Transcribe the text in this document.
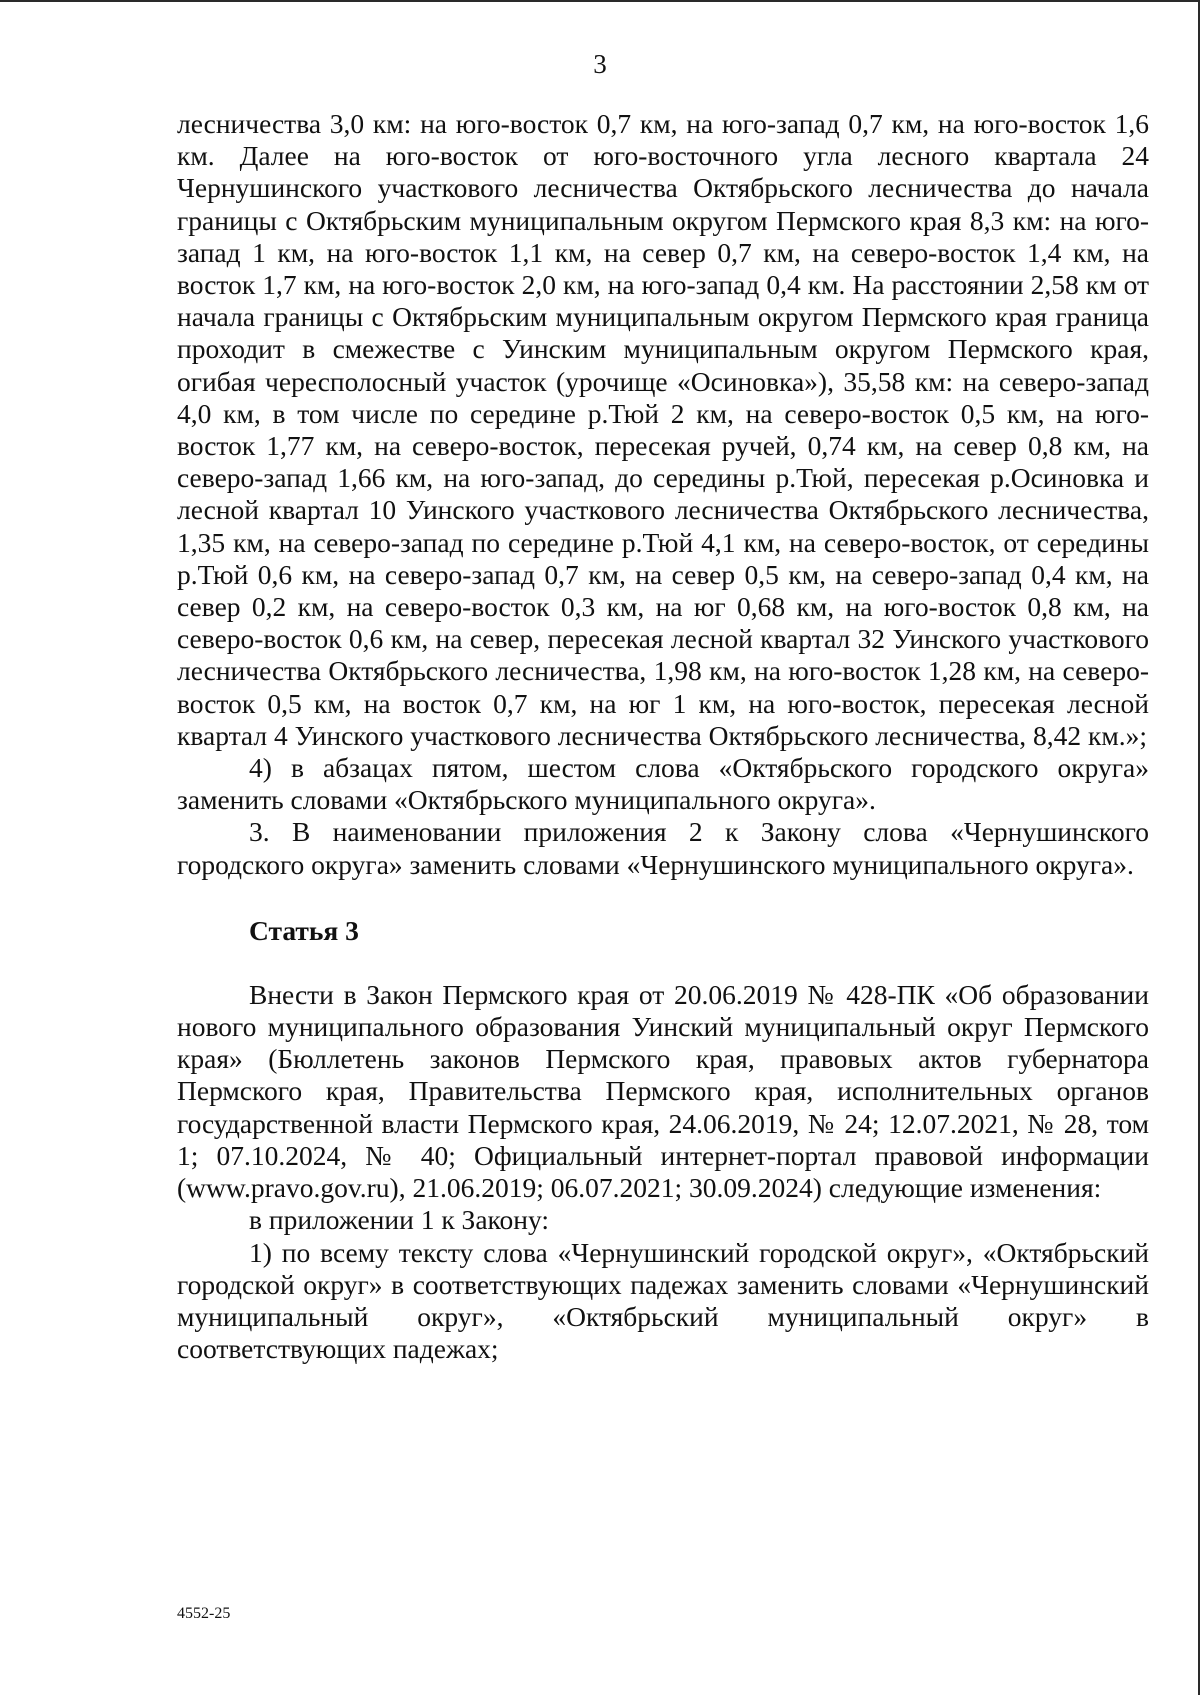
3

лесничества 3,0 км: на юго-восток 0,7 км, на юго-запад 0,7 км, на юго-восток 1,6 км. Далее на юго-восток от юго-восточного угла лесного квартала 24 Чернушинского участкового лесничества Октябрьского лесничества до начала границы с Октябрьским муниципальным округом Пермского края 8,3 км: на юго-запад 1 км, на юго-восток 1,1 км, на север 0,7 км, на северо-восток 1,4 км, на восток 1,7 км, на юго-восток 2,0 км, на юго-запад 0,4 км. На расстоянии 2,58 км от начала границы с Октябрьским муниципальным округом Пермского края граница проходит в смежестве с Уинским муниципальным округом Пермского края, огибая чересполосный участок (урочище «Осиновка»), 35,58 км: на северо-запад 4,0 км, в том числе по середине р.Тюй 2 км, на северо-восток 0,5 км, на юго-восток 1,77 км, на северо-восток, пересекая ручей, 0,74 км, на север 0,8 км, на северо-запад 1,66 км, на юго-запад, до середины р.Тюй, пересекая р.Осиновка и лесной квартал 10 Уинского участкового лесничества Октябрьского лесничества, 1,35 км, на северо-запад по середине р.Тюй 4,1 км, на северо-восток, от середины р.Тюй 0,6 км, на северо-запад 0,7 км, на север 0,5 км, на северо-запад 0,4 км, на север 0,2 км, на северо-восток 0,3 км, на юг 0,68 км, на юго-восток 0,8 км, на северо-восток 0,6 км, на север, пересекая лесной квартал 32 Уинского участкового лесничества Октябрьского лесничества, 1,98 км, на юго-восток 1,28 км, на северо-восток 0,5 км, на восток 0,7 км, на юг 1 км, на юго-восток, пересекая лесной квартал 4 Уинского участкового лесничества Октябрьского лесничества, 8,42 км.»;

4) в абзацах пятом, шестом слова «Октябрьского городского округа» заменить словами «Октябрьского муниципального округа».

3. В наименовании приложения 2 к Закону слова «Чернушинского городского округа» заменить словами «Чернушинского муниципального округа».

Статья 3

Внести в Закон Пермского края от 20.06.2019 № 428-ПК «Об образовании нового муниципального образования Уинский муниципальный округ Пермского края» (Бюллетень законов Пермского края, правовых актов губернатора Пермского края, Правительства Пермского края, исполнительных органов государственной власти Пермского края, 24.06.2019, № 24; 12.07.2021, № 28, том 1; 07.10.2024, № 40; Официальный интернет-портал правовой информации (www.pravo.gov.ru), 21.06.2019; 06.07.2021; 30.09.2024) следующие изменения:

в приложении 1 к Закону:

1) по всему тексту слова «Чернушинский городской округ», «Октябрьский городской округ» в соответствующих падежах заменить словами «Чернушинский муниципальный округ», «Октябрьский муниципальный округ» в соответствующих падежах;

4552-25
